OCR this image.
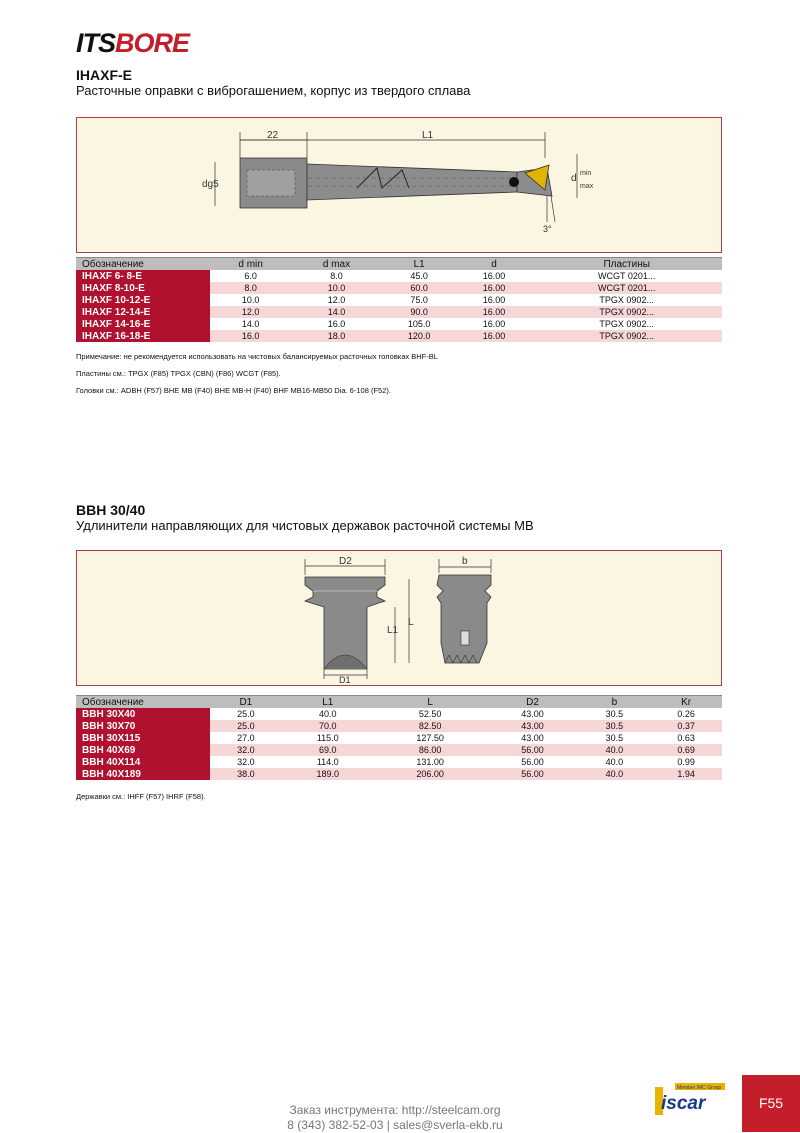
ITSBORE
IHAXF-E
Расточные оправки с виброгашением, корпус из твердого сплава
22	L1
dg5
d min
max
3°
Обозначение	d min	d max	L1	d	Пластины
IHAXF 6- 8-E	6.0	8.0	45.0	16.00	WCGT 0201...
IHAXF 8-10-E	8.0	10.0	60.0	16.00	WCGT 0201...
IHAXF 10-12-E	10.0	12.0	75.0	16.00	TPGX 0902...
IHAXF 12-14-E	12.0	14.0	90.0	16.00	TPGX 0902...
IHAXF 14-16-E	14.0	16.0	105.0	16.00	TPGX 0902...
IHAXF 16-18-E	16.0	18.0	120.0	16.00	TPGX 0902...
Примечание: не рекомендуется использовать на чистовых балансируемых расточных головках BHF-BL
Пластины см.: TPGX (F85) TPGX (CBN) (F86) WCGT (F85).
Головки см.: ADBH (F57) BHE MB (F40) BHE MB-H (F40) BHF MB16-MB50 Dia. 6-108 (F52).
BBH 30/40
Удлинители направляющих для чистовых державок расточной системы MB
D2
D1
L1
L
b
Обозначение	D1	L1	L	D2	b	Kr
BBH 30X40	25.0	40.0	52.50	43.00	30.5	0.26
BBH 30X70	25.0	70.0	82.50	43.00	30.5	0.37
BBH 30X115	27.0	115.0	127.50	43.00	30.5	0.63
BBH 40X69	32.0	69.0	86.00	56.00	40.0	0.69
BBH 40X114	32.0	114.0	131.00	56.00	40.0	0.99
BBH 40X189	38.0	189.0	206.00	56.00	40.0	1.94
Державки см.: IHFF (F57) IHRF (F58).
Заказ инструмента: http://steelcam.org
8 (343) 382-52-03 | sales@sverla-ekb.ru
Member IMC Group
iscar	F55
